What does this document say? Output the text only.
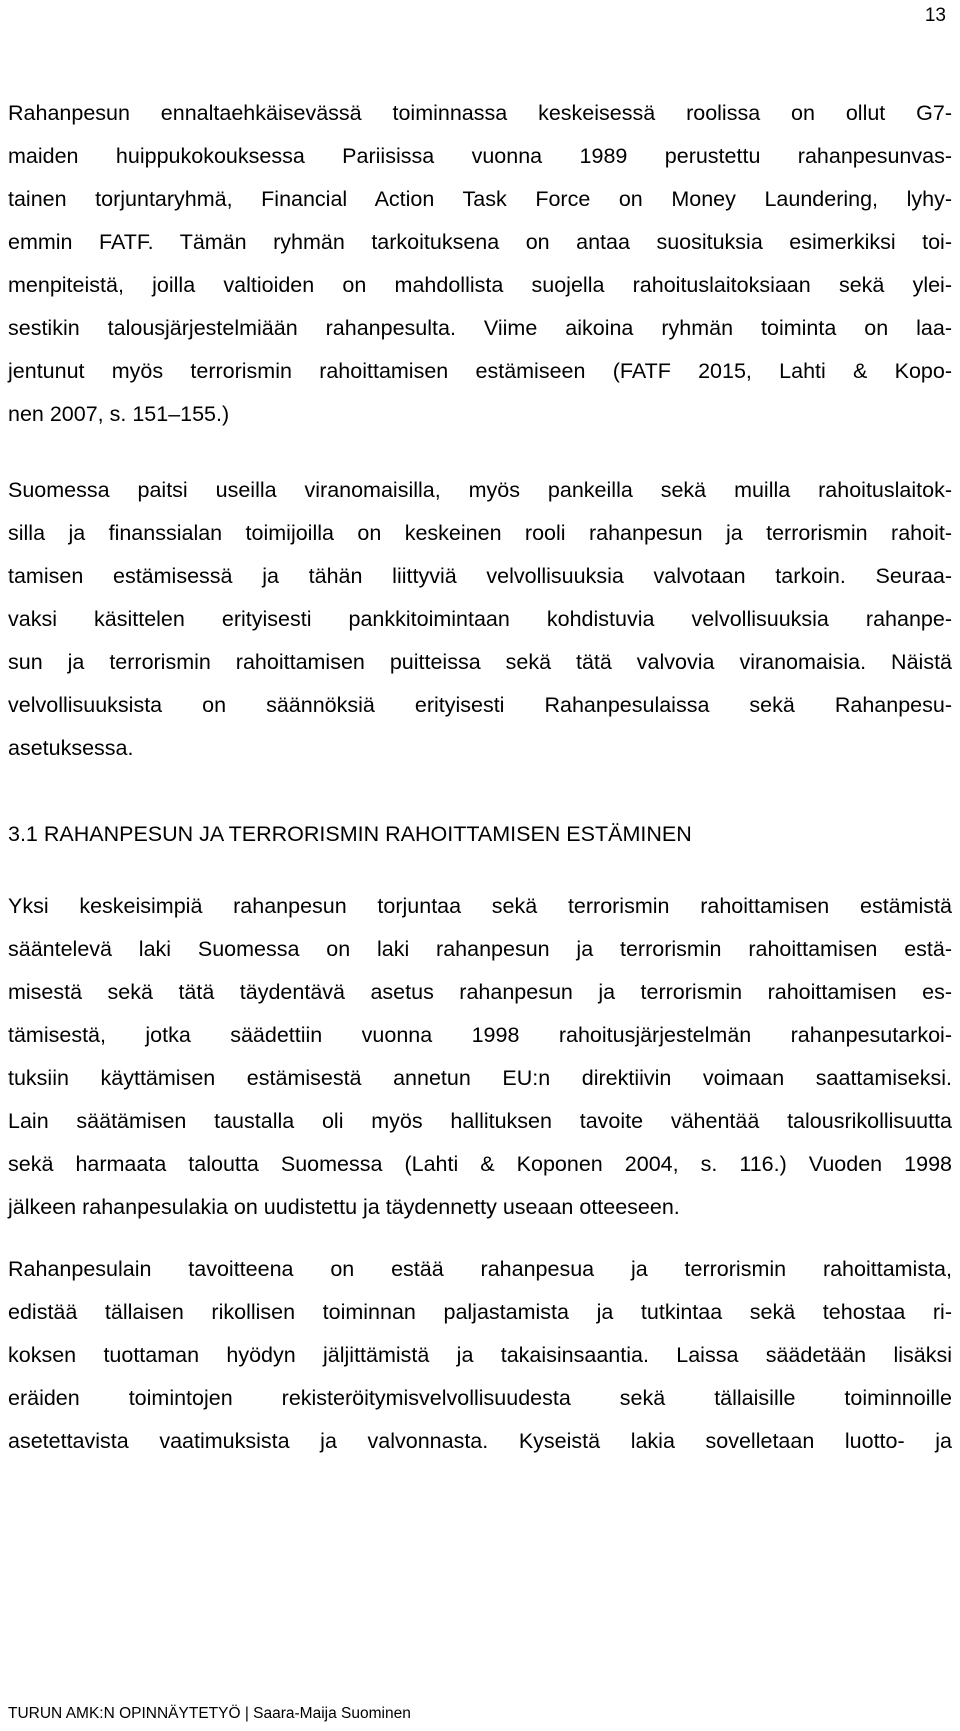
13
Rahanpesun ennaltaehkäisevässä toiminnassa keskeisessä roolissa on ollut G7-
maiden huippukokouksessa Pariisissa vuonna 1989 perustettu rahanpesunvas-
tainen torjuntaryhmä, Financial Action Task Force on Money Laundering, lyhy-
emmin FATF. Tämän ryhmän tarkoituksena on antaa suosituksia esimerkiksi toi-
menpiteistä, joilla valtioiden on mahdollista suojella rahoituslaitoksiaan sekä ylei-
sestikin talousjärjestelmiään rahanpesulta. Viime aikoina ryhmän toiminta on laa-
jentunut myös terrorismin rahoittamisen estämiseen (FATF 2015, Lahti & Kopo-
nen 2007, s. 151–155.)
Suomessa paitsi useilla viranomaisilla, myös pankeilla sekä muilla rahoituslaitok-
silla ja finanssialan toimijoilla on keskeinen rooli rahanpesun ja terrorismin rahoit-
tamisen estämisessä ja tähän liittyviä velvollisuuksia valvotaan tarkoin. Seuraa-
vaksi käsittelen erityisesti pankkitoimintaan kohdistuvia velvollisuuksia rahanpe-
sun ja terrorismin rahoittamisen puitteissa sekä tätä valvovia viranomaisia. Näistä
velvollisuuksista on säännöksiä erityisesti Rahanpesulaissa sekä Rahanpesu-
asetuksessa.
3.1 RAHANPESUN JA TERRORISMIN RAHOITTAMISEN ESTÄMINEN
Yksi keskeisimpiä rahanpesun torjuntaa sekä terrorismin rahoittamisen estämistä
sääntelevä laki Suomessa on laki rahanpesun ja terrorismin rahoittamisen estä-
misestä sekä tätä täydentävä asetus rahanpesun ja terrorismin rahoittamisen es-
tämisestä, jotka säädettiin vuonna 1998 rahoitusjärjestelmän rahanpesutarkoi-
tuksiin käyttämisen estämisestä annetun EU:n direktiivin voimaan saattamiseksi.
Lain säätämisen taustalla oli myös hallituksen tavoite vähentää talousrikollisuutta
sekä harmaata taloutta Suomessa (Lahti & Koponen 2004, s. 116.) Vuoden 1998
jälkeen rahanpesulakia on uudistettu ja täydennetty useaan otteeseen.
Rahanpesulain tavoitteena on estää rahanpesua ja terrorismin rahoittamista,
edistää tällaisen rikollisen toiminnan paljastamista ja tutkintaa sekä tehostaa ri-
koksen tuottaman hyödyn jäljittämistä ja takaisinsaantia. Laissa säädetään lisäksi
eräiden toimintojen rekisteröitymisvelvollisuudesta sekä tällaisille toiminnoille
asetettavista vaatimuksista ja valvonnasta. Kyseistä lakia sovelletaan luotto- ja
TURUN AMK:N OPINNÄYTETYÖ | Saara-Maija Suominen
